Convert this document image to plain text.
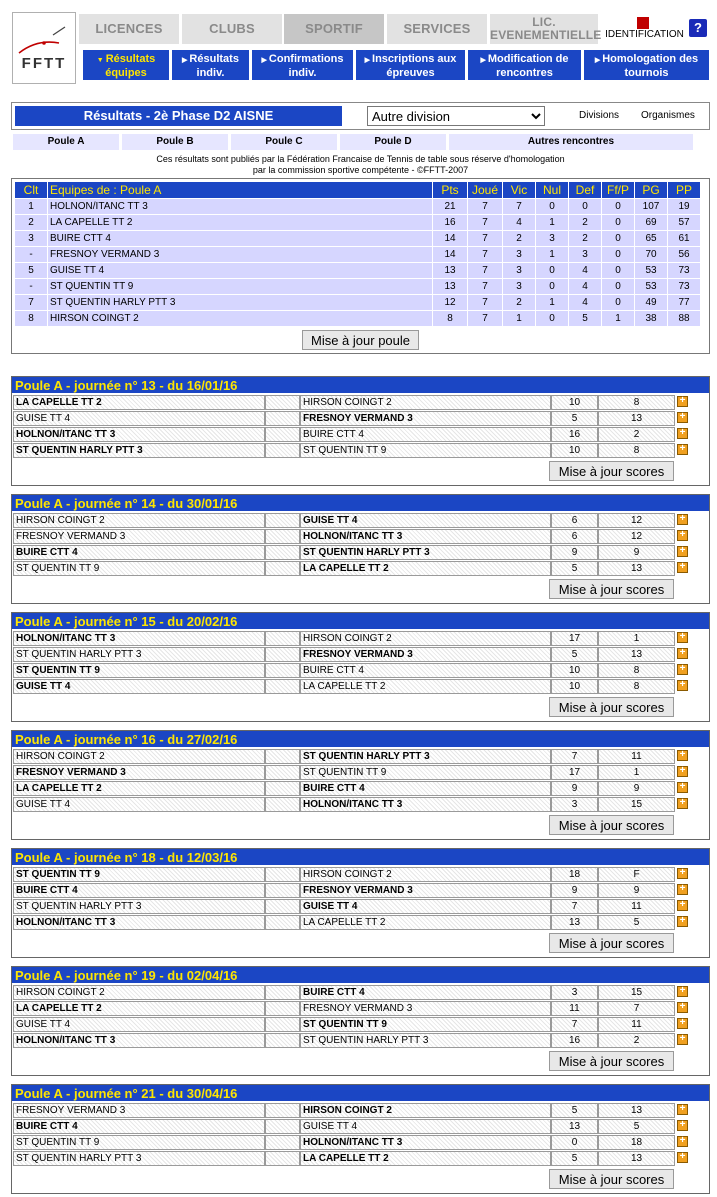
FFTT
LICENCES	CLUBS	SPORTIF	SERVICES	LIC. EVENEMENTIELLE IDENTIFICATION ?
▼ Résultats équipes
▶ Résultats indiv.
▶ Confirmations indiv.
▶ Inscriptions aux épreuves
▶ Modification de rencontres
▶ Homologation des tournois
Résultats - 2è Phase D2 AISNE
Autre division	Divisions Organismes
Poule A	Poule B	Poule C	Poule D	Autres rencontres
Ces résultats sont publiés par la Fédération Francaise de Tennis de table sous réserve d'homologation
par la commission sportive compétente - ©FFTT-2007
Clt	Equipes de : Poule A	Pts	Joué	Vic	Nul	Def	Ff/P	PG	PP
1	HOLNON/ITANC TT 3	21	7	7	0	0	0	107	19
2	LA CAPELLE TT 2	16	7	4	1	2	0	69	57
3	BUIRE CTT 4	14	7	2	3	2	0	65	61
-	FRESNOY VERMAND 3	14	7	3	1	3	0	70	56
5	GUISE TT 4	13	7	3	0	4	0	53	73
-	ST QUENTIN TT 9	13	7	3	0	4	0	53	73
7	ST QUENTIN HARLY PTT 3	12	7	2	1	4	0	49	77
8	HIRSON COINGT 2	8	7	1	0	5	1	38	88
Mise à jour poule
Poule A - journée n° 13 - du 16/01/16
LA CAPELLE TT 2	HIRSON COINGT 2	10	8	+
GUISE TT 4	FRESNOY VERMAND 3	5	13	+
HOLNON/ITANC TT 3	BUIRE CTT 4	16	2	+
ST QUENTIN HARLY PTT 3	ST QUENTIN TT 9	10	8	+
Mise à jour scores
Poule A - journée n° 14 - du 30/01/16
HIRSON COINGT 2	GUISE TT 4	6	12	+
FRESNOY VERMAND 3	HOLNON/ITANC TT 3	6	12	+
BUIRE CTT 4	ST QUENTIN HARLY PTT 3	9	9	+
ST QUENTIN TT 9	LA CAPELLE TT 2	5	13	+
Mise à jour scores
Poule A - journée n° 15 - du 20/02/16
HOLNON/ITANC TT 3	HIRSON COINGT 2	17	1	+
ST QUENTIN HARLY PTT 3	FRESNOY VERMAND 3	5	13	+
ST QUENTIN TT 9	BUIRE CTT 4	10	8	+
GUISE TT 4	LA CAPELLE TT 2	10	8	+
Mise à jour scores
Poule A - journée n° 16 - du 27/02/16
HIRSON COINGT 2	ST QUENTIN HARLY PTT 3	7	11	+
FRESNOY VERMAND 3	ST QUENTIN TT 9	17	1	+
LA CAPELLE TT 2	BUIRE CTT 4	9	9	+
GUISE TT 4	HOLNON/ITANC TT 3	3	15	+
Mise à jour scores
Poule A - journée n° 18 - du 12/03/16
ST QUENTIN TT 9	HIRSON COINGT 2	18	F	+
BUIRE CTT 4	FRESNOY VERMAND 3	9	9	+
ST QUENTIN HARLY PTT 3	GUISE TT 4	7	11	+
HOLNON/ITANC TT 3	LA CAPELLE TT 2	13	5	+
Mise à jour scores
Poule A - journée n° 19 - du 02/04/16
HIRSON COINGT 2	BUIRE CTT 4	3	15	+
LA CAPELLE TT 2	FRESNOY VERMAND 3	11	7	+
GUISE TT 4	ST QUENTIN TT 9	7	11	+
HOLNON/ITANC TT 3	ST QUENTIN HARLY PTT 3	16	2	+
Mise à jour scores
Poule A - journée n° 21 - du 30/04/16
FRESNOY VERMAND 3	HIRSON COINGT 2	5	13	+
BUIRE CTT 4	GUISE TT 4	13	5	+
ST QUENTIN TT 9	HOLNON/ITANC TT 3	0	18	+
ST QUENTIN HARLY PTT 3	LA CAPELLE TT 2	5	13	+
Mise à jour scores
